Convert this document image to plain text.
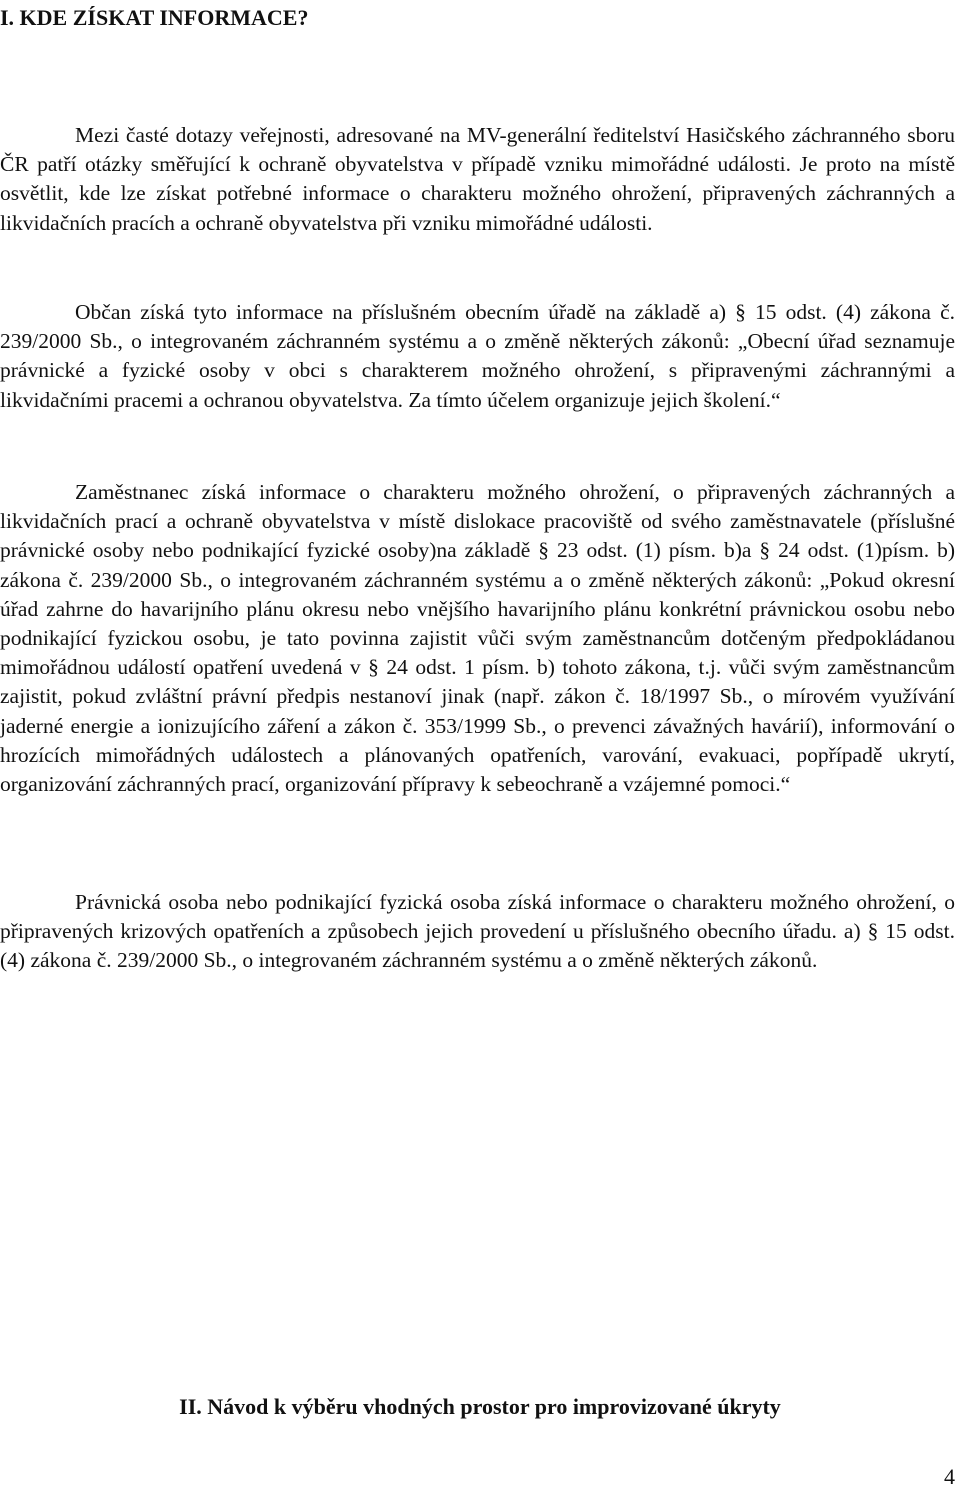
I. KDE ZÍSKAT INFORMACE?

Mezi časté dotazy veřejnosti, adresované na MV-generální ředitelství Hasičského záchranného sboru ČR patří otázky směřující k ochraně obyvatelstva v případě vzniku mimořádné události. Je proto na místě osvětlit, kde lze získat potřebné informace o charakteru možného ohrožení, připravených záchranných a likvidačních pracích a ochraně obyvatelstva při vzniku mimořádné události.

Občan získá tyto informace na příslušném obecním úřadě na základě a) § 15 odst. (4) zákona č. 239/2000 Sb., o integrovaném záchranném systému a o změně některých zákonů: „Obecní úřad seznamuje právnické a fyzické osoby v obci s charakterem možného ohrožení, s připravenými záchrannými a likvidačními pracemi a ochranou obyvatelstva. Za tímto účelem organizuje jejich školení.“

Zaměstnanec získá informace o charakteru možného ohrožení, o připravených záchranných a likvidačních prací a ochraně obyvatelstva v místě dislokace pracoviště od svého zaměstnavatele (příslušné právnické osoby nebo podnikající fyzické osoby)na základě § 23 odst. (1) písm. b)a § 24 odst. (1)písm. b) zákona č. 239/2000 Sb., o integrovaném záchranném systému a o změně některých zákonů: „Pokud okresní úřad zahrne do havarijního plánu okresu nebo vnějšího havarijního plánu konkrétní právnickou osobu nebo podnikající fyzickou osobu, je tato povinna zajistit vůči svým zaměstnancům dotčeným předpokládanou mimořádnou událostí opatření uvedená v § 24 odst. 1 písm. b) tohoto zákona, t.j. vůči svým zaměstnancům zajistit, pokud zvláštní právní předpis nestanoví jinak (např. zákon č. 18/1997 Sb., o mírovém využívání jaderné energie a ionizujícího záření a zákon č. 353/1999 Sb., o prevenci závažných havárií), informování o hrozících mimořádných událostech a plánovaných opatřeních, varování, evakuaci, popřípadě ukrytí, organizování záchranných prací, organizování přípravy k sebeochraně a vzájemné pomoci.“

Právnická osoba nebo podnikající fyzická osoba získá informace o charakteru možného ohrožení, o připravených krizových opatřeních a způsobech jejich provedení u příslušného obecního úřadu. a) § 15 odst. (4) zákona č. 239/2000 Sb., o integrovaném záchranném systému a o změně některých zákonů.

II. Návod k výběru vhodných prostor pro improvizované úkryty
4
